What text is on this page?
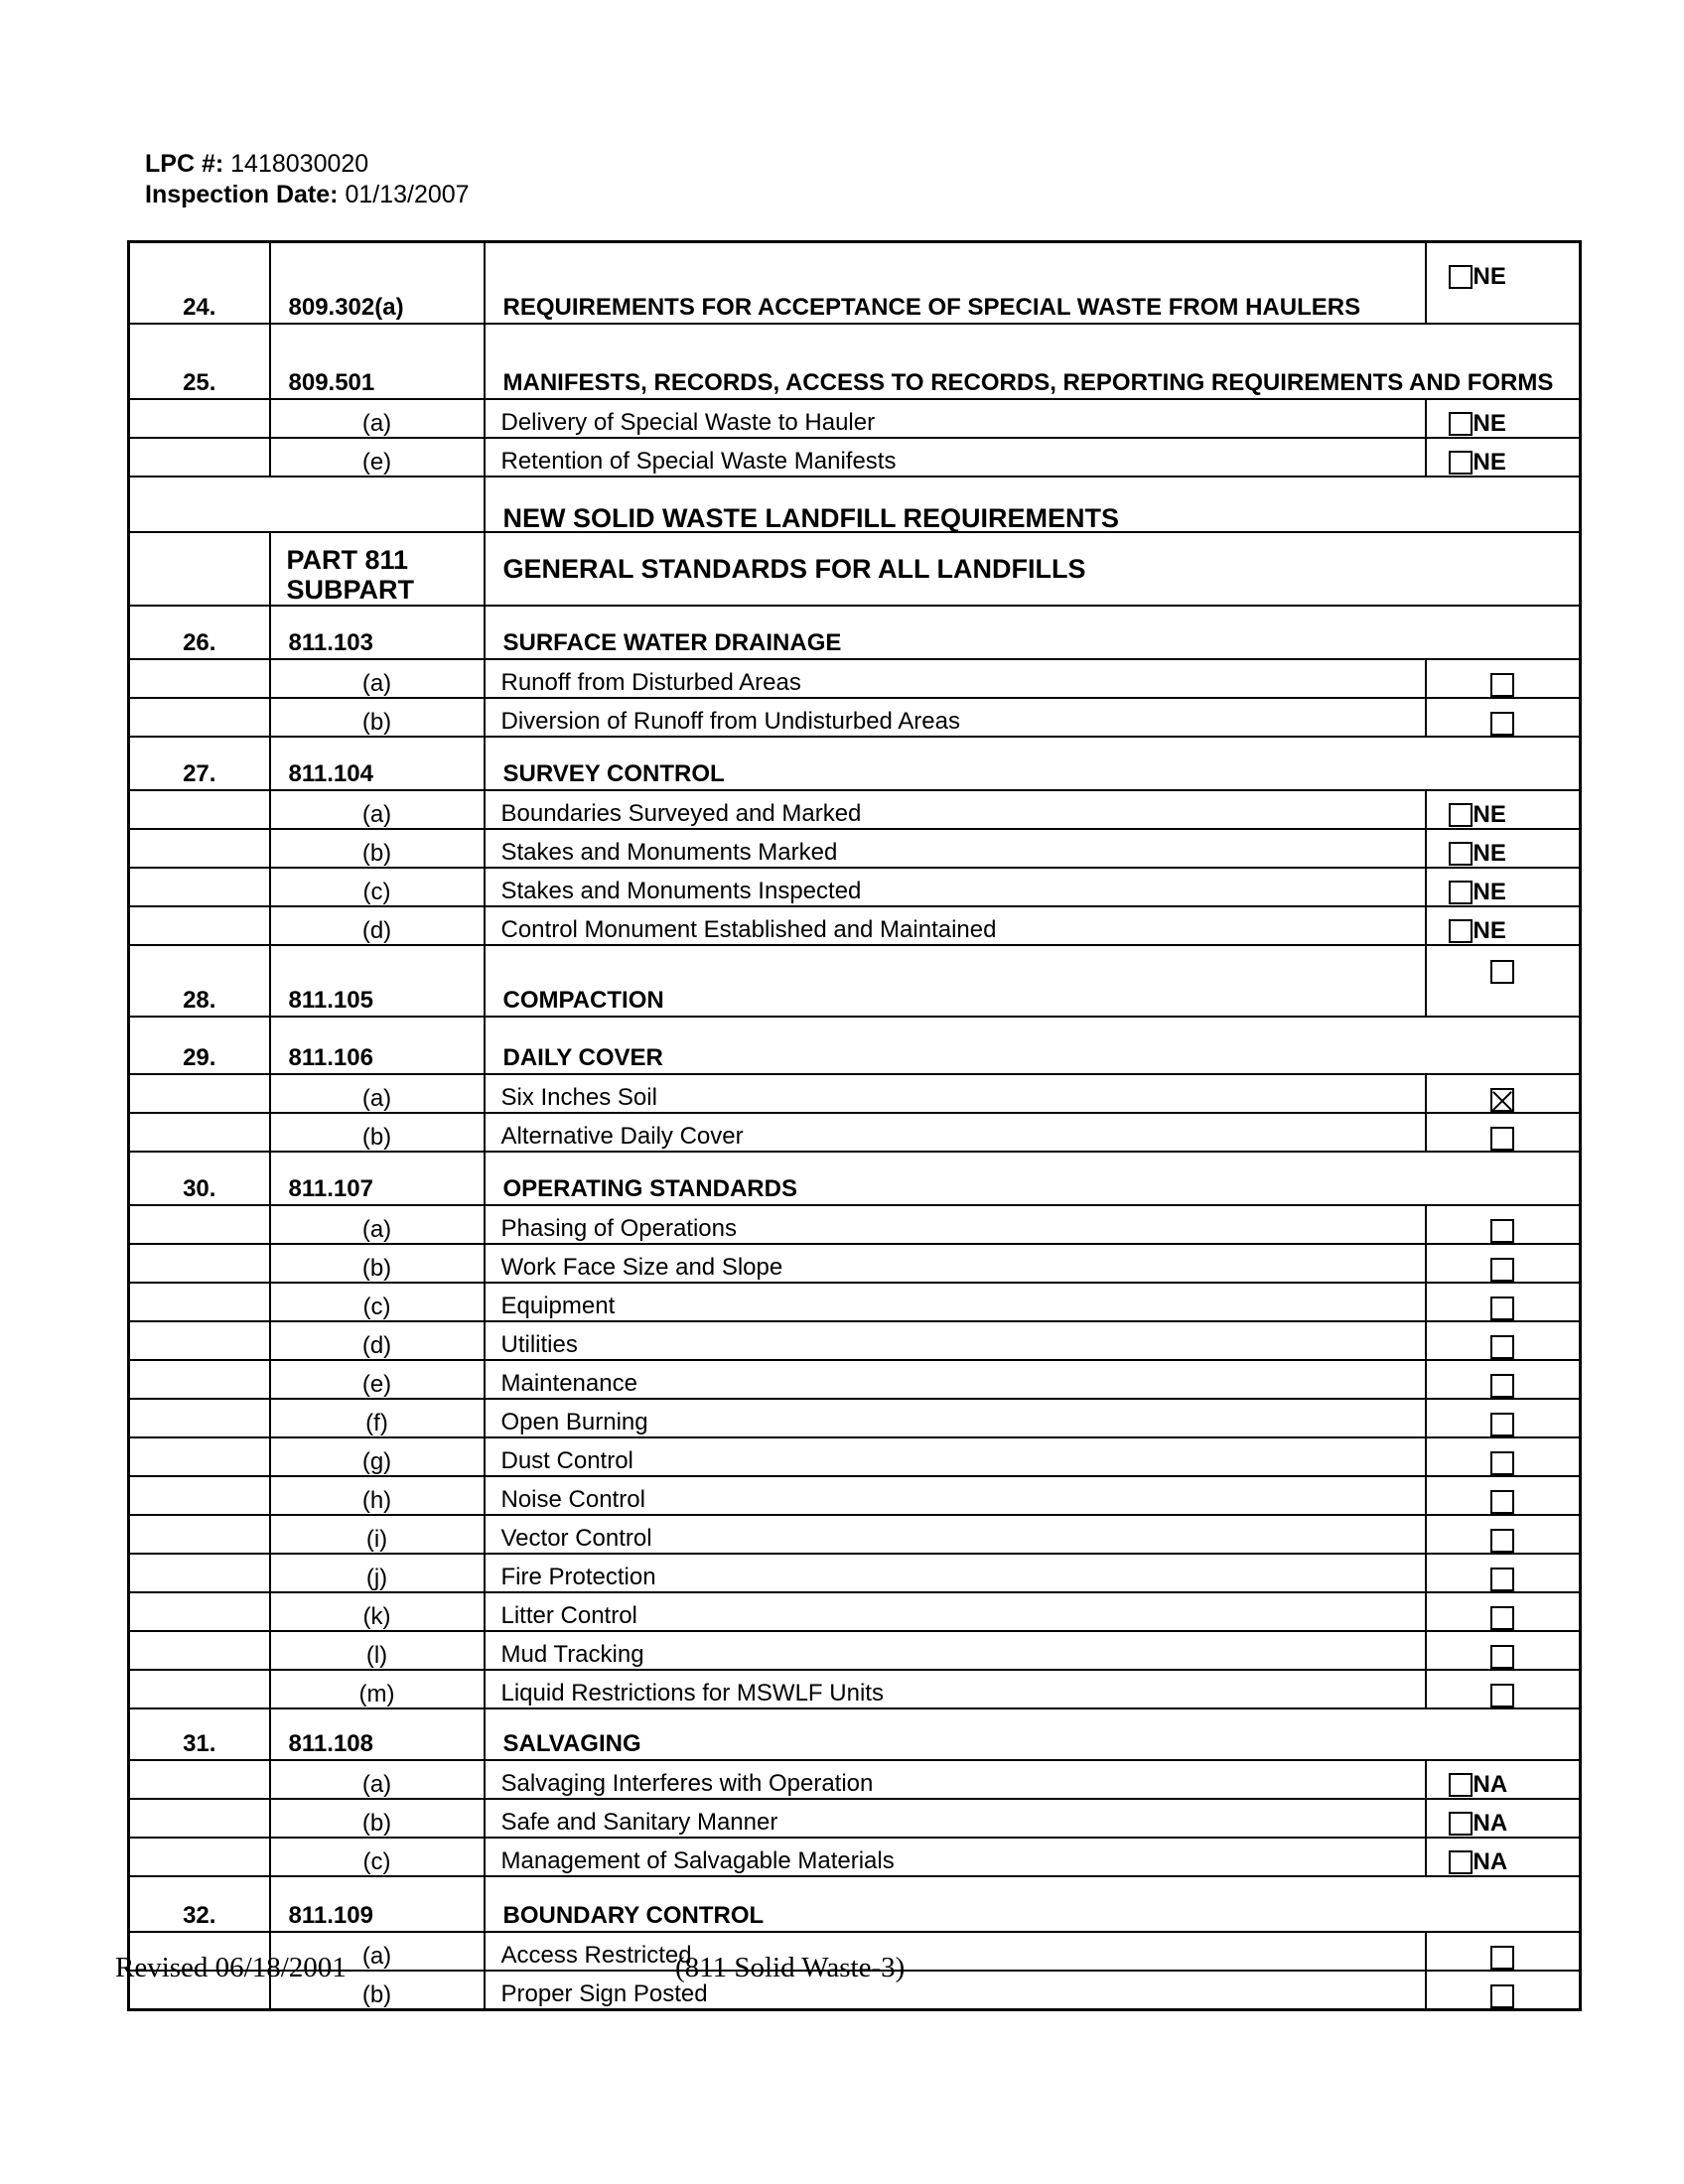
LPC #: 1418030020
Inspection Date: 01/13/2007
24.	809.302(a)	REQUIREMENTS FOR ACCEPTANCE OF SPECIAL WASTE FROM HAULERS	NE
25.	809.501	MANIFESTS, RECORDS, ACCESS TO RECORDS, REPORTING REQUIREMENTS AND FORMS	
	(a)	Delivery of Special Waste to Hauler	NE
	(e)	Retention of Special Waste Manifests	NE
		NEW SOLID WASTE LANDFILL REQUIREMENTS	
	PART 811 SUBPART	GENERAL STANDARDS FOR ALL LANDFILLS	
26.	811.103	SURFACE WATER DRAINAGE	
	(a)	Runoff from Disturbed Areas	
	(b)	Diversion of Runoff from Undisturbed Areas	
27.	811.104	SURVEY CONTROL	
	(a)	Boundaries Surveyed and Marked	NE
	(b)	Stakes and Monuments Marked	NE
	(c)	Stakes and Monuments Inspected	NE
	(d)	Control Monument Established and Maintained	NE
28.	811.105	COMPACTION	
29.	811.106	DAILY COVER	
	(a)	Six Inches Soil	
	(b)	Alternative Daily Cover	
30.	811.107	OPERATING STANDARDS	
	(a)	Phasing of Operations	
	(b)	Work Face Size and Slope	
	(c)	Equipment	
	(d)	Utilities	
	(e)	Maintenance	
	(f)	Open Burning	
	(g)	Dust Control	
	(h)	Noise Control	
	(i)	Vector Control	
	(j)	Fire Protection	
	(k)	Litter Control	
	(l)	Mud Tracking	
	(m)	Liquid Restrictions for MSWLF Units	
31.	811.108	SALVAGING	
	(a)	Salvaging Interferes with Operation	NA
	(b)	Safe and Sanitary Manner	NA
	(c)	Management of Salvagable Materials	NA
32.	811.109	BOUNDARY CONTROL	
	(a)	Access Restricted	
	(b)	Proper Sign Posted	
Revised 06/18/2001	(811 Solid Waste-3)
